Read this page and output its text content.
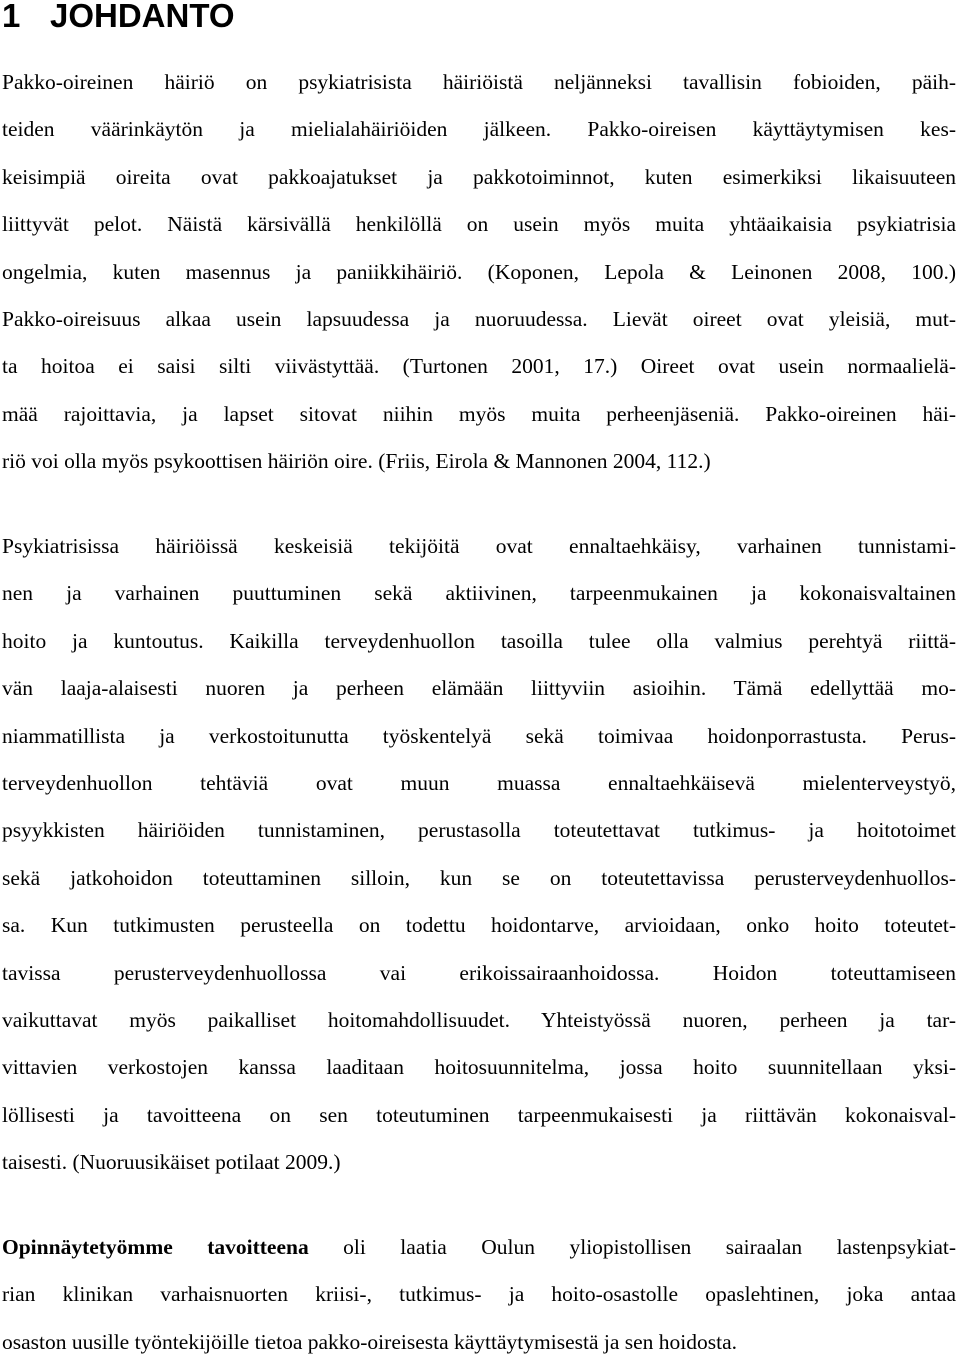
1 JOHDANTO
Pakko-oireinen häiriö on psykiatrisista häiriöistä neljänneksi tavallisin fobioiden, päih-
teiden väärinkäytön ja mielialahäiriöiden jälkeen. Pakko-oireisen käyttäytymisen kes-
keisimpiä oireita ovat pakkoajatukset ja pakkotoiminnot, kuten esimerkiksi likaisuuteen
liittyvät pelot. Näistä kärsivällä henkilöllä on usein myös muita yhtäaikaisia psykiatrisia
ongelmia, kuten masennus ja paniikkihäiriö. (Koponen, Lepola & Leinonen 2008, 100.)
Pakko-oireisuus alkaa usein lapsuudessa ja nuoruudessa. Lievät oireet ovat yleisiä, mut-
ta hoitoa ei saisi silti viivästyttää. (Turtonen 2001, 17.) Oireet ovat usein normaalielä-
mää rajoittavia, ja lapset sitovat niihin myös muita perheenjäseniä. Pakko-oireinen häi-
riö voi olla myös psykoottisen häiriön oire. (Friis, Eirola & Mannonen 2004, 112.)
Psykiatrisissa häiriöissä keskeisiä tekijöitä ovat ennaltaehkäisy, varhainen tunnistami-
nen ja varhainen puuttuminen sekä aktiivinen, tarpeenmukainen ja kokonaisvaltainen
hoito ja kuntoutus. Kaikilla terveydenhuollon tasoilla tulee olla valmius perehtyä riittä-
vän laaja-alaisesti nuoren ja perheen elämään liittyviin asioihin. Tämä edellyttää mo-
niammatillista ja verkostoitunutta työskentelyä sekä toimivaa hoidonporrastusta. Perus-
terveydenhuollon tehtäviä ovat muun muassa ennaltaehkäisevä mielenterveystyö,
psyykkisten häiriöiden tunnistaminen, perustasolla toteutettavat tutkimus- ja hoitotoimet
sekä jatkohoidon toteuttaminen silloin, kun se on toteutettavissa perusterveydenhuollos-
sa. Kun tutkimusten perusteella on todettu hoidontarve, arvioidaan, onko hoito toteutet-
tavissa perusterveydenhuollossa vai erikoissairaanhoidossa. Hoidon toteuttamiseen
vaikuttavat myös paikalliset hoitomahdollisuudet. Yhteistyössä nuoren, perheen ja tar-
vittavien verkostojen kanssa laaditaan hoitosuunnitelma, jossa hoito suunnitellaan yksi-
löllisesti ja tavoitteena on sen toteutuminen tarpeenmukaisesti ja riittävän kokonaisval-
taisesti. (Nuoruusikäiset potilaat 2009.)
Opinnäytetyömme tavoitteena oli laatia Oulun yliopistollisen sairaalan lastenpsykiat-
rian klinikan varhaisnuorten kriisi-, tutkimus- ja hoito-osastolle opaslehtinen, joka antaa
osaston uusille työntekijöille tietoa pakko-oireisesta käyttäytymisestä ja sen hoidosta.
